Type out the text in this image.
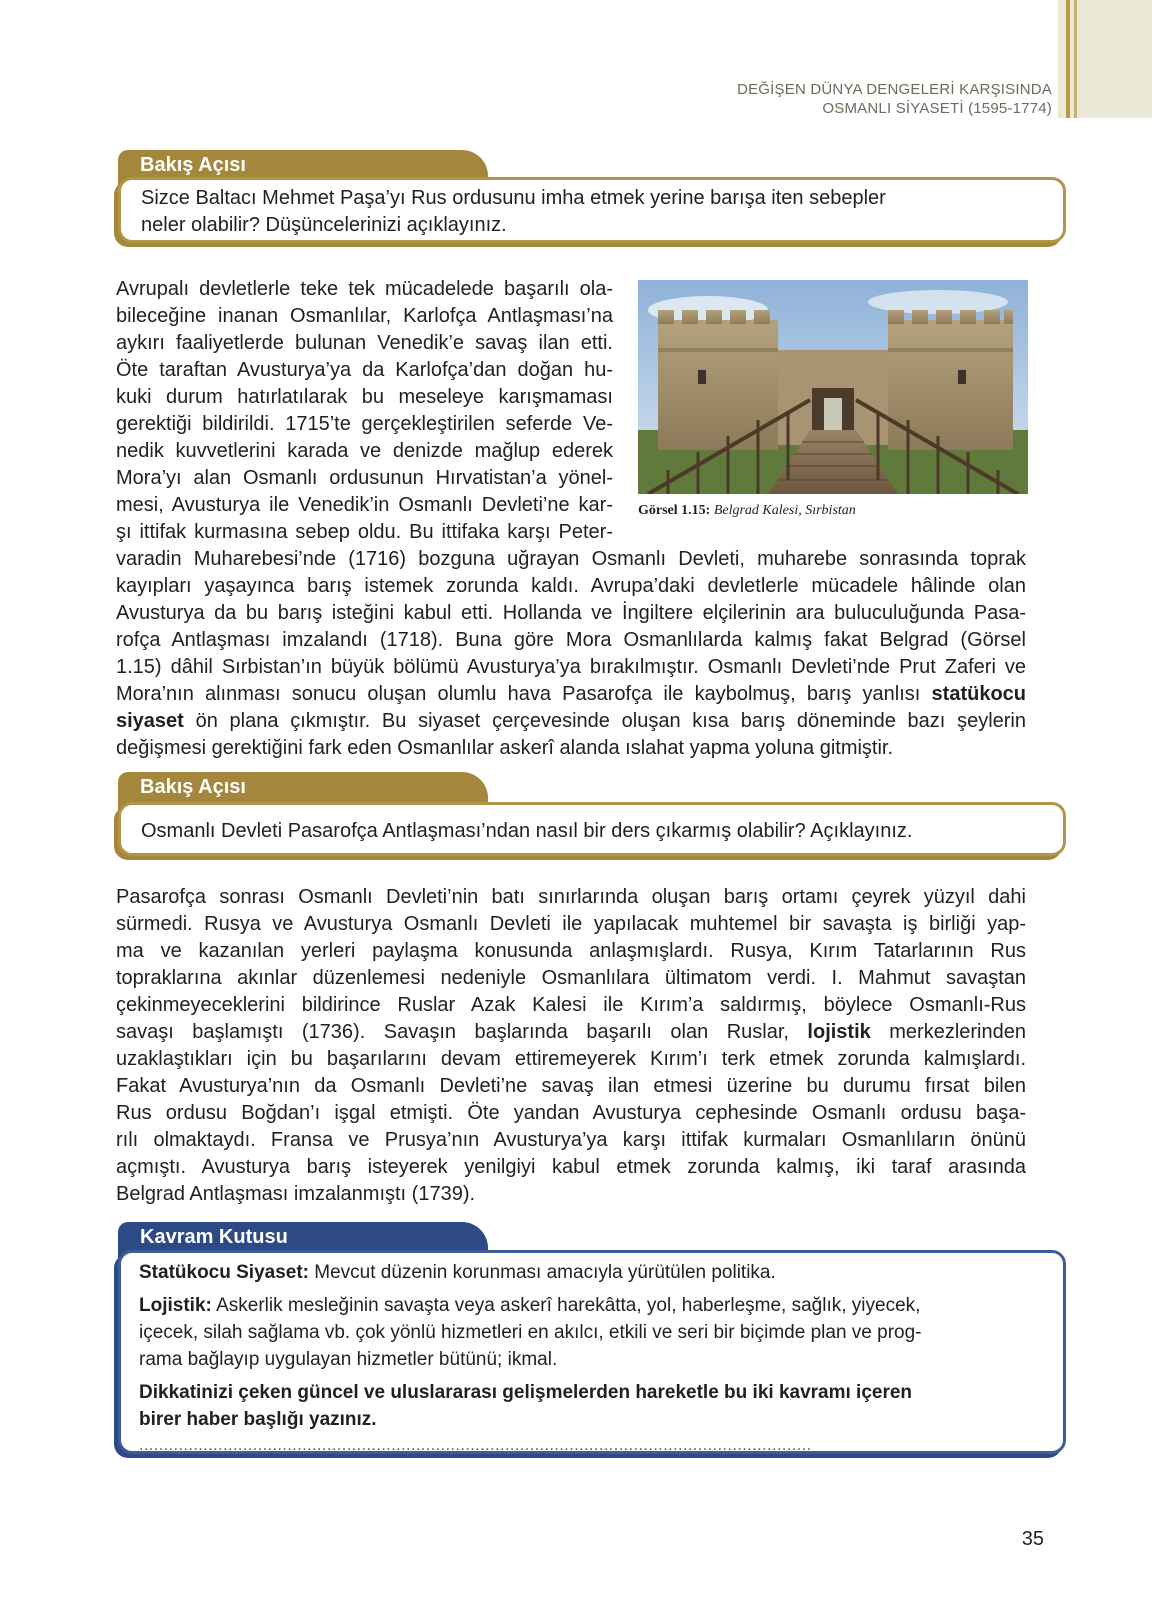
DEĞİŞEN DÜNYA DENGELERİ KARŞISINDA
OSMANLI SİYASETİ (1595-1774)
Bakış Açısı
Sizce Baltacı Mehmet Paşa’yı Rus ordusunu imha etmek yerine barışa iten sebepler
neler olabilir? Düşüncelerinizi açıklayınız.
Avrupalı devletlerle teke tek mücadelede başarılı ola-
bileceğine inanan Osmanlılar, Karlofça Antlaşması’na
aykırı faaliyetlerde bulunan Venedik’e savaş ilan etti.
Öte taraftan Avusturya’ya da Karlofça’dan doğan hu-
kuki durum hatırlatılarak bu meseleye karışmaması
gerektiği bildirildi. 1715’te gerçekleştirilen seferde Ve-
nedik kuvvetlerini karada ve denizde mağlup ederek
Mora’yı alan Osmanlı ordusunun Hırvatistan’a yönel-
mesi, Avusturya ile Venedik’in Osmanlı Devleti’ne kar-
şı ittifak kurmasına sebep oldu. Bu ittifaka karşı Peter-
varadin Muharebesi’nde (1716) bozguna uğrayan Osmanlı Devleti, muharebe sonrasında toprak
kayıpları yaşayınca barış istemek zorunda kaldı. Avrupa’daki devletlerle mücadele hâlinde olan
Avusturya da bu barış isteğini kabul etti. Hollanda ve İngiltere elçilerinin ara buluculuğunda Pasa-
rofça Antlaşması imzalandı (1718). Buna göre Mora Osmanlılarda kalmış fakat Belgrad (Görsel
1.15) dâhil Sırbistan’ın büyük bölümü Avusturya’ya bırakılmıştır. Osmanlı Devleti’nde Prut Zaferi ve
Mora’nın alınması sonucu oluşan olumlu hava Pasarofça ile kaybolmuş, barış yanlısı statükocu
siyaset ön plana çıkmıştır. Bu siyaset çerçevesinde oluşan kısa barış döneminde bazı şeylerin
değişmesi gerektiğini fark eden Osmanlılar askerî alanda ıslahat yapma yoluna gitmiştir.
Görsel 1.15: Belgrad Kalesi, Sırbistan
Bakış Açısı
Osmanlı Devleti Pasarofça Antlaşması’ndan nasıl bir ders çıkarmış olabilir? Açıklayınız.
Pasarofça sonrası Osmanlı Devleti’nin batı sınırlarında oluşan barış ortamı çeyrek yüzyıl dahi
sürmedi. Rusya ve Avusturya Osmanlı Devleti ile yapılacak muhtemel bir savaşta iş birliği yap-
ma ve kazanılan yerleri paylaşma konusunda anlaşmışlardı. Rusya, Kırım Tatarlarının Rus
topraklarına akınlar düzenlemesi nedeniyle Osmanlılara ültimatom verdi. I. Mahmut savaştan
çekinmeyeceklerini bildirince Ruslar Azak Kalesi ile Kırım’a saldırmış, böylece Osmanlı-Rus
savaşı başlamıştı (1736). Savaşın başlarında başarılı olan Ruslar, lojistik merkezlerinden
uzaklaştıkları için bu başarılarını devam ettiremeyerek Kırım’ı terk etmek zorunda kalmışlardı.
Fakat Avusturya’nın da Osmanlı Devleti’ne savaş ilan etmesi üzerine bu durumu fırsat bilen
Rus ordusu Boğdan’ı işgal etmişti. Öte yandan Avusturya cephesinde Osmanlı ordusu başa-
rılı olmaktaydı. Fransa ve Prusya’nın Avusturya’ya karşı ittifak kurmaları Osmanlıların önünü
açmıştı. Avusturya barış isteyerek yenilgiyi kabul etmek zorunda kalmış, iki taraf arasında
Belgrad Antlaşması imzalanmıştı (1739).
Kavram Kutusu
Statükocu Siyaset: Mevcut düzenin korunması amacıyla yürütülen politika.
Lojistik: Askerlik mesleğinin savaşta veya askerî harekâtta, yol, haberleşme, sağlık, yiyecek,
içecek, silah sağlama vb. çok yönlü hizmetleri en akılcı, etkili ve seri bir biçimde plan ve prog-
rama bağlayıp uygulayan hizmetler bütünü; ikmal.
Dikkatinizi çeken güncel ve uluslararası gelişmelerden hareketle bu iki kavramı içeren
birer haber başlığı yazınız.
........................................................................................................................................
35
